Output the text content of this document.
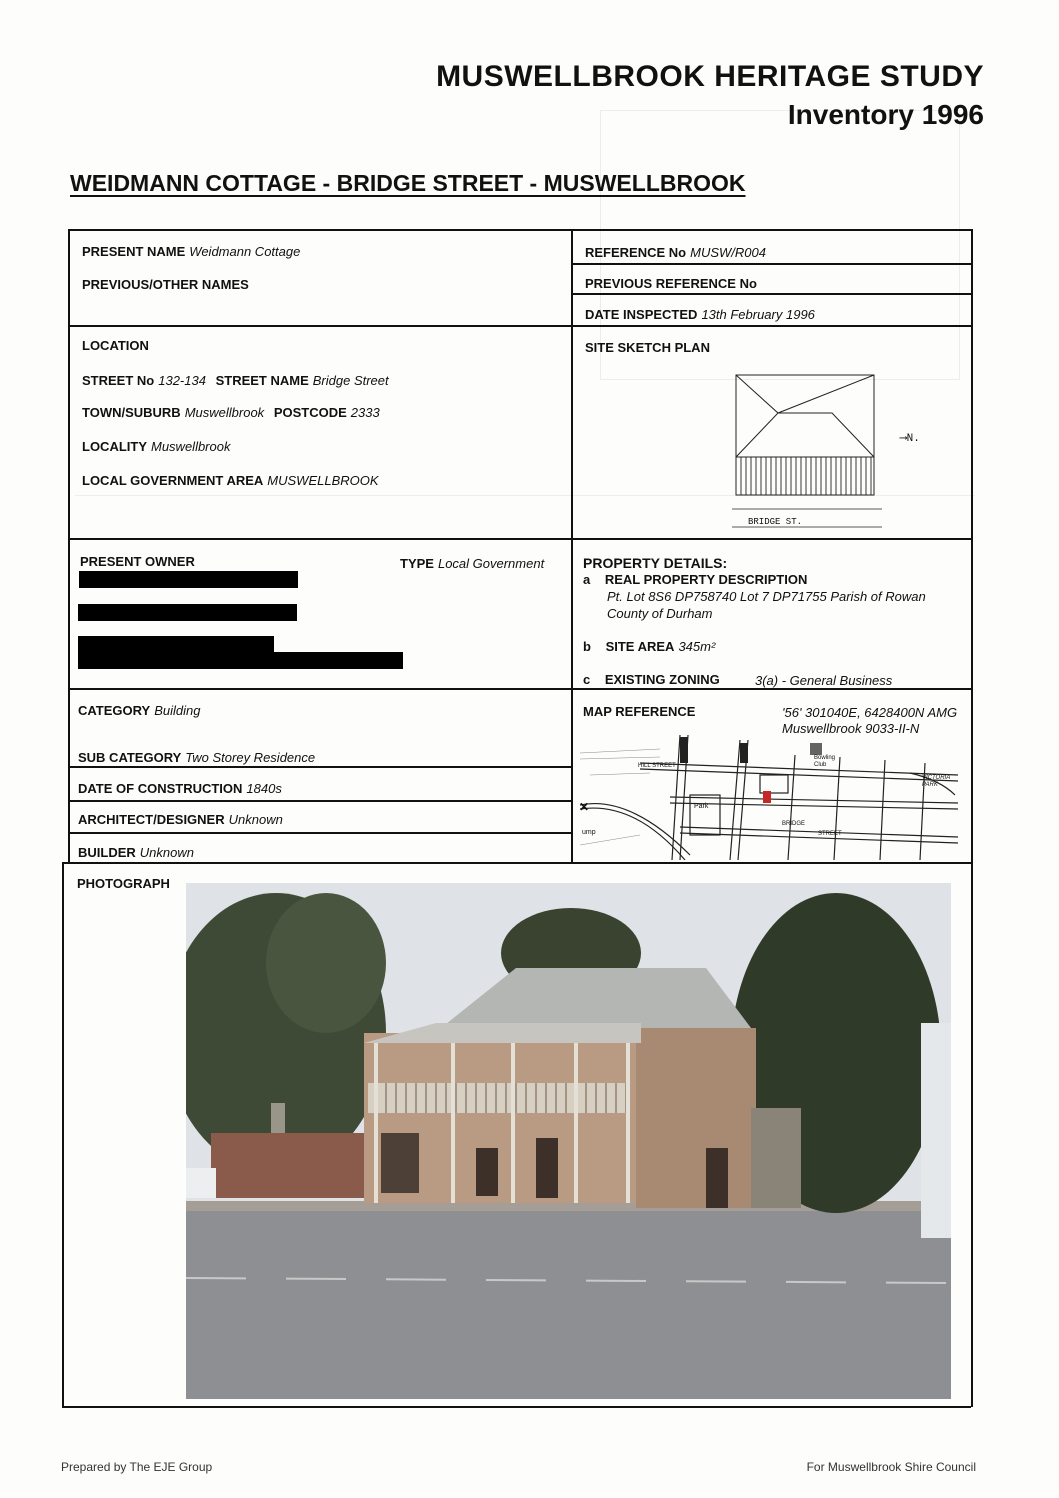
MUSWELLBROOK HERITAGE STUDY
Inventory 1996
WEIDMANN COTTAGE - BRIDGE STREET - MUSWELLBROOK
PRESENT NAME Weidmann Cottage
PREVIOUS/OTHER NAMES
REFERENCE No MUSW/R004
PREVIOUS REFERENCE No
DATE INSPECTED 13th February 1996
LOCATION
STREET No 132-134 STREET NAME Bridge Street
TOWN/SUBURB Muswellbrook POSTCODE 2333
LOCALITY Muswellbrook
LOCAL GOVERNMENT AREA MUSWELLBROOK
SITE SKETCH PLAN
BRIDGE ST.
⟶N.
PRESENT OWNER	TYPE Local Government	PROPERTY DETAILS:
a REAL PROPERTY DESCRIPTION
Pt. Lot 8S6 DP758740 Lot 7 DP71755 Parish of Rowan
County of Durham
b SITE AREA 345m²
c EXISTING ZONING	3(a) - General Business
CATEGORY Building
SUB CATEGORY Two Storey Residence
DATE OF CONSTRUCTION 1840s
ARCHITECT/DESIGNER Unknown
BUILDER Unknown
MAP REFERENCE	'56' 301040E, 6428400N AMG
Muswellbrook 9033-II-N
HILL STREET
Park
BRIDGE
STREET
Bowling Club
VICTORIA PARK
ump
✕
PHOTOGRAPH
Prepared by The EJE Group	For Muswellbrook Shire Council
